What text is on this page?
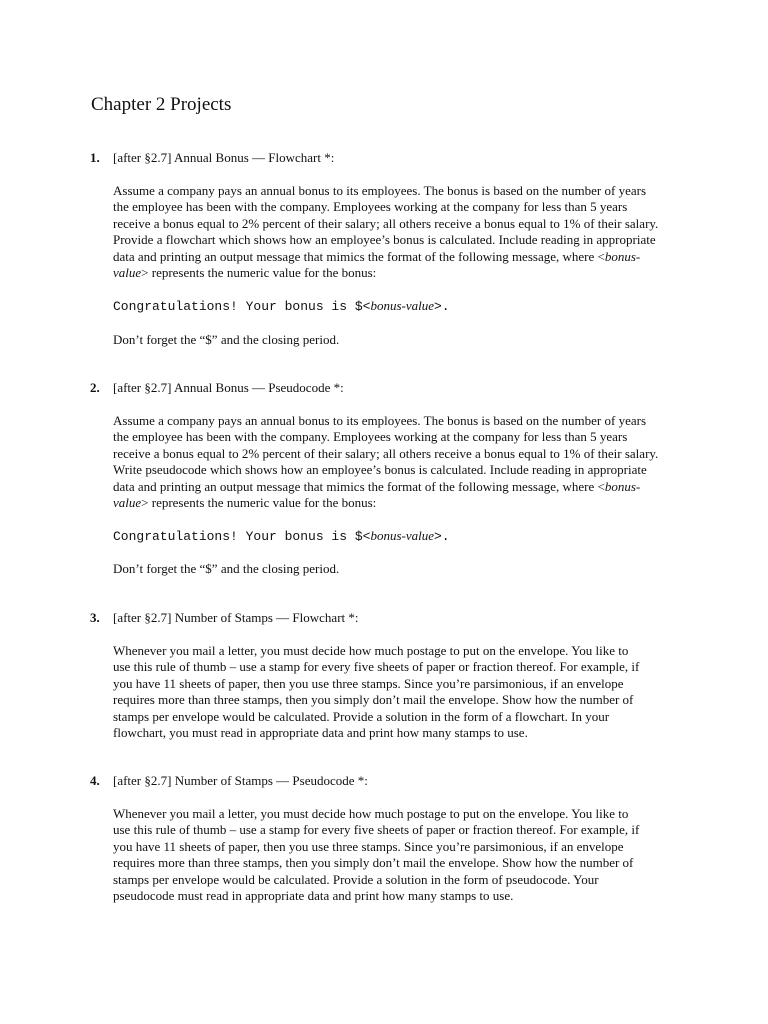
Chapter 2 Projects
1. [after §2.7] Annual Bonus — Flowchart *:
Assume a company pays an annual bonus to its employees. The bonus is based on the number of years
the employee has been with the company. Employees working at the company for less than 5 years
receive a bonus equal to 2% percent of their salary; all others receive a bonus equal to 1% of their salary.
Provide a flowchart which shows how an employee’s bonus is calculated. Include reading in appropriate
data and printing an output message that mimics the format of the following message, where <bonus-
value> represents the numeric value for the bonus:
Congratulations! Your bonus is $<bonus-value>.
Don’t forget the “$” and the closing period.
2. [after §2.7] Annual Bonus — Pseudocode *:
Assume a company pays an annual bonus to its employees. The bonus is based on the number of years
the employee has been with the company. Employees working at the company for less than 5 years
receive a bonus equal to 2% percent of their salary; all others receive a bonus equal to 1% of their salary.
Write pseudocode which shows how an employee’s bonus is calculated. Include reading in appropriate
data and printing an output message that mimics the format of the following message, where <bonus-
value> represents the numeric value for the bonus:
Congratulations! Your bonus is $<bonus-value>.
Don’t forget the “$” and the closing period.
3. [after §2.7] Number of Stamps — Flowchart *:
Whenever you mail a letter, you must decide how much postage to put on the envelope. You like to
use this rule of thumb – use a stamp for every five sheets of paper or fraction thereof. For example, if
you have 11 sheets of paper, then you use three stamps. Since you’re parsimonious, if an envelope
requires more than three stamps, then you simply don’t mail the envelope. Show how the number of
stamps per envelope would be calculated. Provide a solution in the form of a flowchart. In your
flowchart, you must read in appropriate data and print how many stamps to use.
4. [after §2.7] Number of Stamps — Pseudocode *:
Whenever you mail a letter, you must decide how much postage to put on the envelope. You like to
use this rule of thumb – use a stamp for every five sheets of paper or fraction thereof. For example, if
you have 11 sheets of paper, then you use three stamps. Since you’re parsimonious, if an envelope
requires more than three stamps, then you simply don’t mail the envelope. Show how the number of
stamps per envelope would be calculated. Provide a solution in the form of pseudocode. Your
pseudocode must read in appropriate data and print how many stamps to use.
